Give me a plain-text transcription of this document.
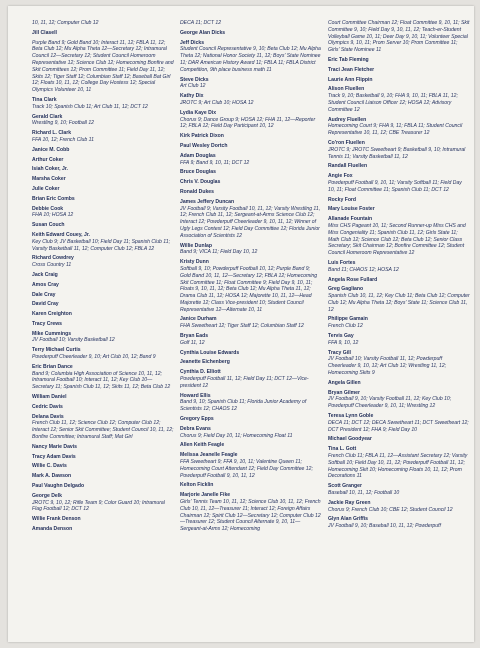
10, 11, 12; Computer Club 12
Jill Clasell
Purple Band 9; Gold Band 10; Interact 11, 12; FBLA 11, 12; Beta Club 12; Mu Alpha Theta 12—Secretary 12; Intramural Council 12—Secretary 12; Student Council Homeroom Representative 12; Science Club 12; Homecoming Bonfire and Skit Committees 12; Prom Committee 11; Field Day 11, 12; Skits 12; Tiger Staff 12; Columbian Staff 12; Baseball Bat Girl 12; Floats 10, 11, 12; College Day Hostess 12; Special Olympics Volunteer 10, 11
Tina Clark
Track 10; Spanish Club 11; Art Club 11, 12; DCT 12
Gerald Clark
Wrestling 9, 10; Football 12
Richard L. Clark
FFA 10, 12; French Club 11
Janice M. Cobb
Arthur Coker
Isiah Coker, Jr.
Marsha Coker
Julie Coker
Brian Eric Combs
Debbie Cook
FHA 10; HOSA 12
Susan Couch
Keith Edward Couey, Jr.
Key Club 9; JV Basketball 10; Field Day 11; Spanish Club 11; Varsity Basketball 11, 12; Computer Club 12; FBLA 12
Richard Cowdrey
Cross Country 11
Jack Craig
Amos Cray
Dale Cray
David Cray
Karen Creighton
Tracy Crews
Mike Cummings
JV Football 10; Varsity Basketball 12
Terry Michael Curtis
Powderpuff Cheerleader 9, 10; Art Club 10, 12; Band 9
Eric Brian Dance
Band 9; Columbia High Association of Science 10, 11, 12; Intramural Football 10; Interact 11, 12; Key Club 10—Secretary 11; Spanish Club 11, 12; Skits 11, 12; Beta Club 12
William Daniel
Cedric Davis
Delana Davis
French Club 11, 12; Science Club 12; Computer Club 12; Interact 12; Senior Skit Committee; Student Council 10, 11, 12; Bonfire Committee; Intramural Staff; Mat Girl
Nancy Marie Davis
Tracy Adam Davis
Willie C. Davis
Mark A. Dawson
Paul Vaughn Delgado
George Delk
JROTC 9, 10, 12; Rifle Team 9; Color Guard 10; Intramural Flag Football 12; DCT 12
Willie Frank Denson
Amanda Denson
DECA 11; DCT 12
George Alan Dicks
Jeff Dicks
Student Council Representative 9, 10; Beta Club 12; Mu Alpha Theta 12; National Honor Society 11, 12; Boys' State Nominee 11; DAR American History Award 11; FBLA 11; FBLA District Competition, 9th place business math 11
Steve Dicks
Art Club 12
Kathy Dix
JROTC 9; Art Club 10; HOSA 12
Lydia Kaye Dix
Chorus 9; Dance Group 9; HOSA 12; FHA 11, 12—Reporter 12; FBLA 12; Field Day Participant 10, 12
Kirk Patrick Dixon
Paul Wesley Dortch
Adam Douglas
FFA 9; Band 9, 10, 11; DCT 12
Bruce Douglas
Chris V. Douglas
Ronald Dukes
James Jeffery Duncan
JV Football 9; Varsity Football 10, 11, 12; Varsity Wrestling 11, 12; French Club 11, 12; Sergeant-at-Arms Science Club 12; Interact 12; Powderpuff Cheerleader 9, 10, 11, 12; Winner of Ugly Legs Contest 12; Field Day Committee 12; Florida Junior Association of Scientists 12
Willie Dunlap
Band 9; VICA 11; Field Day 10, 12
Kristy Dunn
Softball 9, 10; Powderpuff Football 10, 12; Purple Band 9; Gold Band 10, 11, 12—Secretary 12; FBLA 12; Homecoming Skit Committee 11; Float Committee 9; Field Day 9, 10, 11; Floats 9, 10, 11, 12; Beta Club 12; Mu Alpha Theta 11, 12; Drama Club 11, 12; HOSA 12; Majorette 10, 11, 12—Head Majorette 12; Class Vice-president 10; Student Council Representative 12—Alternate 10, 11
Janice Durham
FHA Sweetheart 12; Tiger Staff 12; Columbian Staff 12
Bryan Eads
Golf 11, 12
Cynthia Louise Edwards
Jeanette Eichenberg
Cynthia D. Elliott
Powderpuff Football 11, 12; Field Day 11; DCT 12—Vice-president 12
Howard Ellis
Band 9, 10; Spanish Club 11; Florida Junior Academy of Scientists 12; CHAOS 12
Gregory Epps
Debra Evans
Chorus 9; Field Day 10, 11; Homecoming Float 11
Allen Keith Feagle
Melissa Jeanelle Feagle
FFA Sweetheart 9; FFA 9, 10, 11; Valentine Queen 11; Homecoming Court Attendant 12; Field Day Committee 12; Powderpuff Football 9, 10, 11, 12
Kelton Ficklin
Marjorie Janelle Fike
Girls' Tennis Team 10, 11, 12; Science Club 10, 11, 12; French Club 10, 11, 12—Treasurer 11; Interact 12; Foreign Affairs Chairman 12; Spirit Club 12—Secretary 12; Computer Club 12—Treasurer 12; Student Council Alternate 9, 10, 11—Sergeant-at-Arms 12; Homecoming
Court Committee Chairman 12; Float Committee 9, 10, 11; Skit Committee 9, 10; Field Day 9, 10, 11, 12; Teach-er-Student Volleyball Game 10, 11; Deer Day 9, 10, 11; Volunteer Special Olympics 9, 10, 11; Prom Server 10; Prom Committee 11; Girls' State Nominee 11
Eric Tab Fleming
Traci Jean Fletcher
Laurie Ann Flippin
Alison Fluellen
Track 9, 10; Basketball 9, 10; FHA 9, 10, 11; FBLA 11, 12; Student Council Liaison Officer 12; HOSA 12; Advisory Committee 12
Audrey Fluellen
Homecoming Court 9; FHA 9, 11; FBLA 11; Student Council Representative 10, 11, 12; CBE Treasurer 12
Co'ron Fluellen
JROTC 9; JROTC Sweetheart 9; Basketball 9, 10; Intramural Tennis 11; Varsity Basketball 11, 12
Randall Fluellen
Angie Fox
Powderpuff Football 9, 10, 11; Varsity Softball 11; Field Day 10, 11; Float Committee 11; Spanish Club 11; DCT 12
Rocky Ford
Mary Louise Foster
Allanade Fountain
Miss CHS Pageant 10, 11; Second Runner-up Miss CHS and Miss Congeniality 11; Spanish Club 11, 12; Girls State 11; Math Club 12; Science Club 12; Beta Club 12; Senior Class Secretary; Skit Chairman 12; Bonfire Committee 12; Student Council Homeroom Representative 12
Luis Fortes
Band 11; CHAOS 12; HOSA 12
Angela Rose Fullard
Greg Gagliano
Spanish Club 10, 11, 12; Key Club 11; Beta Club 12; Computer Club 12; Mu Alpha Theta 12; Boys' State 11; Science Club 11, 12
Philippe Gamain
French Club 12
Tervis Gay
FFA 9, 10, 12
Tracy Gill
JV Football 10; Varsity Football 11, 12; Powderpuff Cheerleader 9, 10, 12; Art Club 12; Wrestling 11, 12; Homecoming Skits 9
Angela Gillen
Bryan Gilmer
JV Football 9, 10; Varsity Football 11, 12; Key Club 10; Powderpuff Cheerleader 9, 10, 11; Wrestling 12
Teresa Lynn Goble
DECA 11; DCT 12; DECA Sweetheart 11; DCT Sweetheart 12; DCT President 12; FHA 9; Field Day 10
Michael Goodyear
Tina L. Gott
French Club 11; FBLA 11, 12—Assistant Secretary 12; Varsity Softball 10; Field Day 10, 11, 12; Powderpuff Football 11, 12; Homecoming Skit 10; Homecoming Floats 10, 11, 12; Prom Decorations 11
Scott Granger
Baseball 10, 11, 12; Football 10
Jackie Ray Green
Chorus 9; French Club 10; CBE 12; Student Council 12
Glyn Alan Griffis
JV Football 9, 10; Baseball 10, 11, 12; Powderpuff
